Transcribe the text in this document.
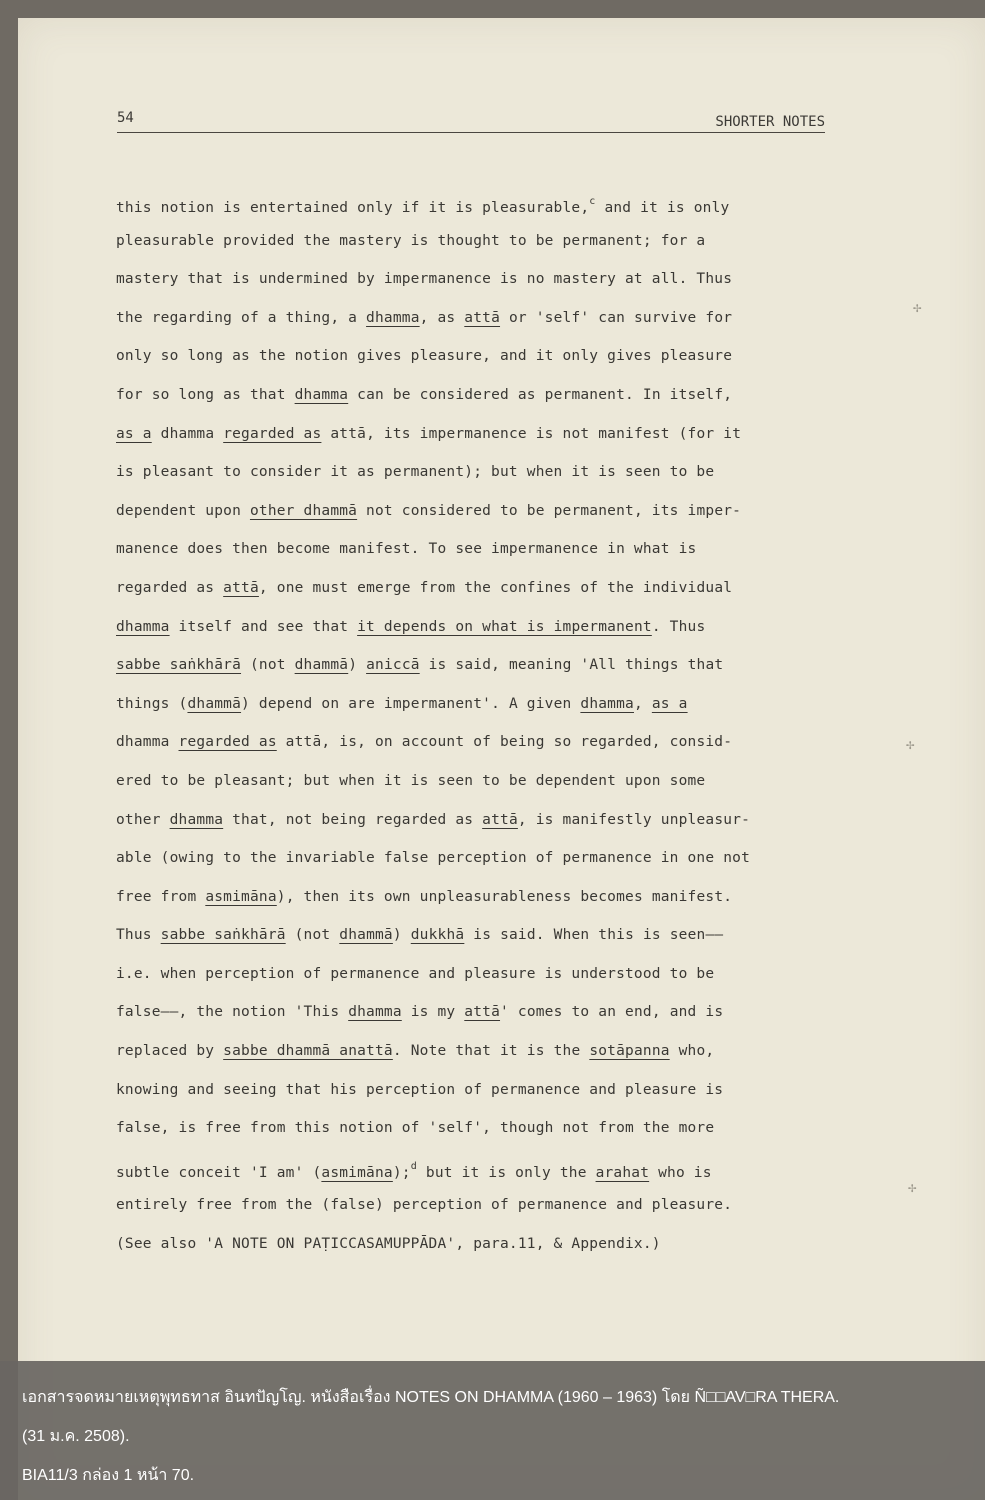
✢
✢
✢
54	SHORTER NOTES
this notion is entertained only if it is pleasurable,$^c$ and it is only
pleasurable provided the mastery is thought to be permanent; for a
mastery that is undermined by impermanence is no mastery at all. Thus
the regarding of a thing, a dhamma, as attā or 'self' can survive for
only so long as the notion gives pleasure, and it only gives pleasure
for so long as that dhamma can be considered as permanent. In itself,
as a dhamma regarded as attā, its impermanence is not manifest (for it
is pleasant to consider it as permanent); but when it is seen to be
dependent upon other dhammā not considered to be permanent, its imper-
manence does then become manifest. To see impermanence in what is
regarded as attā, one must emerge from the confines of the individual
dhamma itself and see that it depends on what is impermanent. Thus
sabbe saṅkhārā (not dhammā) aniccā is said, meaning 'All things that
things (dhammā) depend on are impermanent'. A given dhamma, as a
dhamma regarded as attā, is, on account of being so regarded, consid-
ered to be pleasant; but when it is seen to be dependent upon some
other dhamma that, not being regarded as attā, is manifestly unpleasur-
able (owing to the invariable false perception of permanence in one not
free from asmimāna), then its own unpleasurableness becomes manifest.
Thus sabbe saṅkhārā (not dhammā) dukkhā is said. When this is seen——
i.e. when perception of permanence and pleasure is understood to be
false——, the notion 'This dhamma is my attā' comes to an end, and is
replaced by sabbe dhammā anattā. Note that it is the sotāpanna who,
knowing and seeing that his perception of permanence and pleasure is
false, is free from this notion of 'self', though not from the more
subtle conceit 'I am' (asmimāna);$^d$ but it is only the arahat who is
entirely free from the (false) perception of permanence and pleasure.
(See also 'A NOTE ON PAṬICCASAMUPPĀDA', para.11, & Appendix.)
เอกสารจดหมายเหตุพุทธทาส อินทปัญโญ. หนังสือเรื่อง NOTES ON DHAMMA (1960 – 1963) โดย Ñ□□AV□RA THERA.
(31 ม.ค. 2508).
BIA11/3 กล่อง 1 หน้า 70.
